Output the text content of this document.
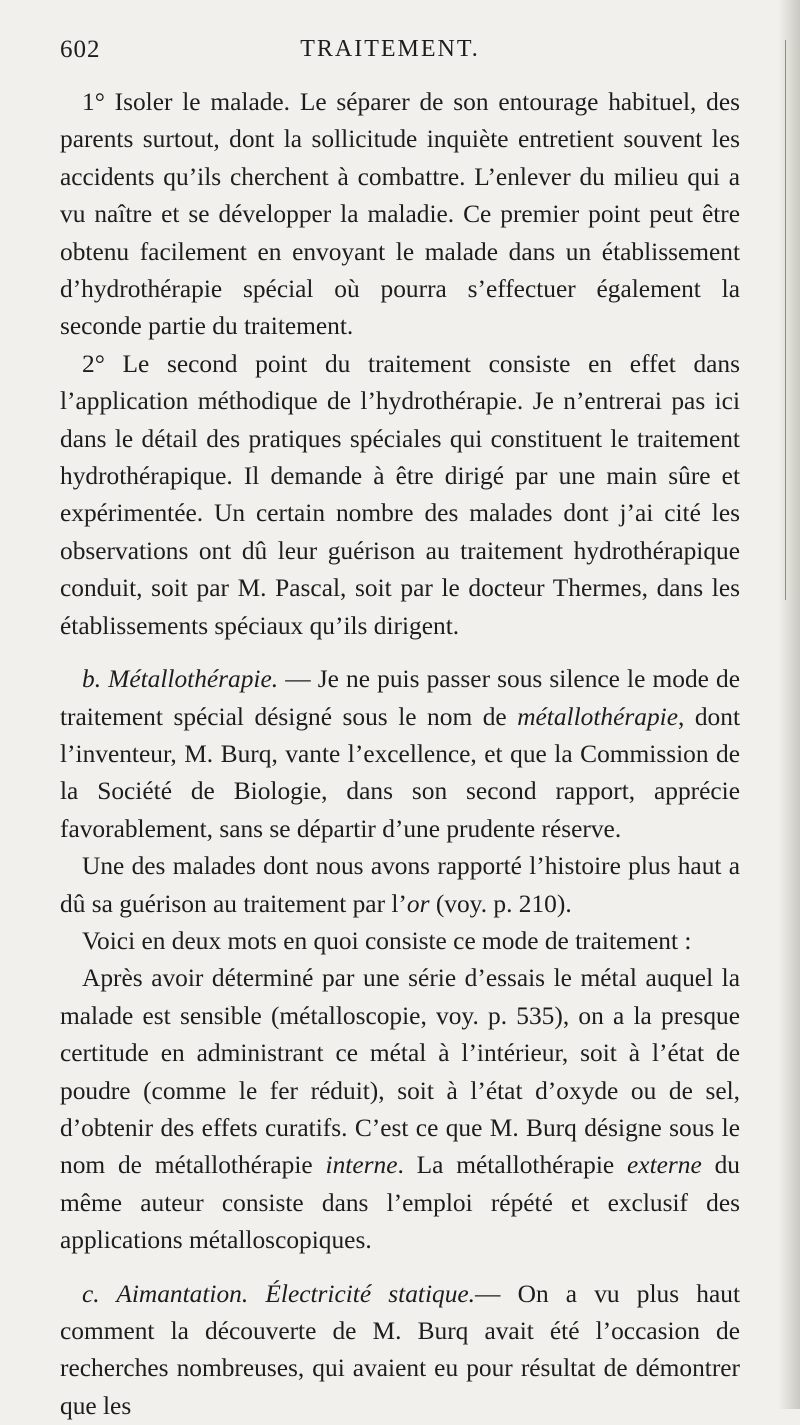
602	TRAITEMENT.

1° Isoler le malade. Le séparer de son entourage habituel, des parents surtout, dont la sollicitude inquiète entretient souvent les accidents qu’ils cherchent à combattre. L’enlever du milieu qui a vu naître et se développer la maladie. Ce premier point peut être obtenu facilement en envoyant le malade dans un établissement d’hydrothérapie spécial où pourra s’effectuer également la seconde partie du traitement.

2° Le second point du traitement consiste en effet dans l’application méthodique de l’hydrothérapie. Je n’entrerai pas ici dans le détail des pratiques spéciales qui constituent le traitement hydrothérapique. Il demande à être dirigé par une main sûre et expérimentée. Un certain nombre des malades dont j’ai cité les observations ont dû leur guérison au traitement hydrothérapique conduit, soit par M. Pascal, soit par le docteur Thermes, dans les établissements spéciaux qu’ils dirigent.

b. Métallothérapie. — Je ne puis passer sous silence le mode de traitement spécial désigné sous le nom de métallothérapie, dont l’inventeur, M. Burq, vante l’excellence, et que la Commission de la Société de Biologie, dans son second rapport, apprécie favorablement, sans se départir d’une prudente réserve.

Une des malades dont nous avons rapporté l’histoire plus haut a dû sa guérison au traitement par l’or (voy. p. 210).

Voici en deux mots en quoi consiste ce mode de traitement :

Après avoir déterminé par une série d’essais le métal auquel la malade est sensible (métalloscopie, voy. p. 535), on a la presque certitude en administrant ce métal à l’intérieur, soit à l’état de poudre (comme le fer réduit), soit à l’état d’oxyde ou de sel, d’obtenir des effets curatifs. C’est ce que M. Burq désigne sous le nom de métallothérapie interne. La métallothérapie externe du même auteur consiste dans l’emploi répété et exclusif des applications métalloscopiques.

c. Aimantation. Électricité statique.— On a vu plus haut comment la découverte de M. Burq avait été l’occasion de recherches nombreuses, qui avaient eu pour résultat de démontrer que les
